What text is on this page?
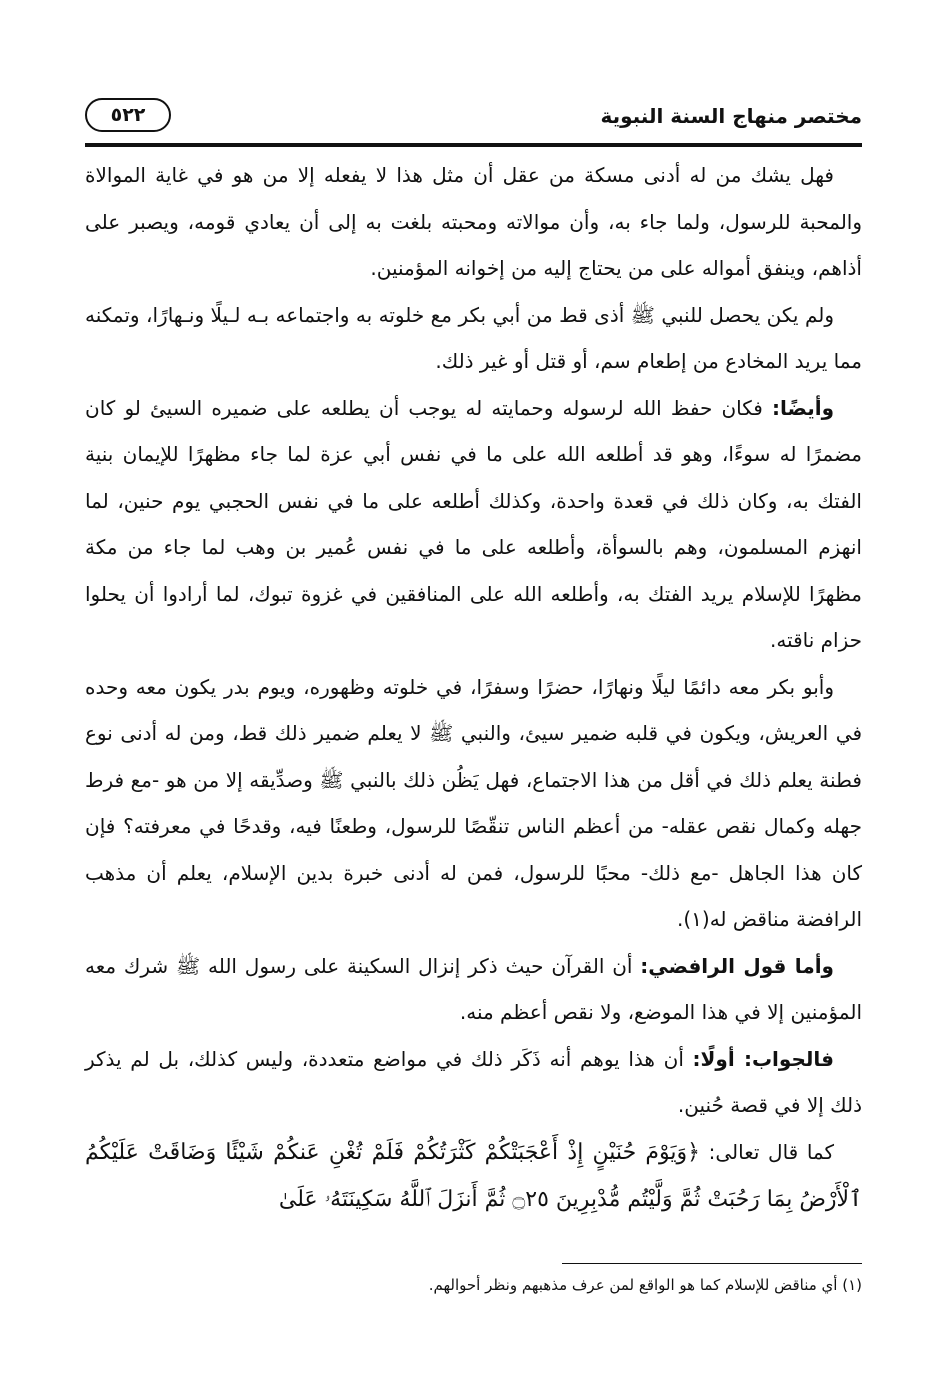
مختصر منهاج السنة النبوية
٥٢٢

فهل يشك من له أدنى مسكة من عقل أن مثل هذا لا يفعله إلا من هو في غاية الموالاة والمحبة للرسول، ولما جاء به، وأن موالاته ومحبته بلغت به إلى أن يعادي قومه، ويصبر على أذاهم، وينفق أمواله على من يحتاج إليه من إخوانه المؤمنين.

ولم يكن يحصل للنبي ﷺ أذى قط من أبي بكر مع خلوته به واجتماعه بـه لـيلًا ونـهارًا، وتمكنه مما يريد المخادع من إطعام سم، أو قتل أو غير ذلك.

وأيضًا: فكان حفظ الله لرسوله وحمايته له يوجب أن يطلعه على ضميره السيئ لو كان مضمرًا له سوءًا، وهو قد أطلعه الله على ما في نفس أبي عزة لما جاء مظهرًا للإيمان بنية الفتك به، وكان ذلك في قعدة واحدة، وكذلك أطلعه على ما في نفس الحجبي يوم حنين، لما انهزم المسلمون، وهم بالسوأة، وأطلعه على ما في نفس عُمير بن وهب لما جاء من مكة مظهرًا للإسلام يريد الفتك به، وأطلعه الله على المنافقين في غزوة تبوك، لما أرادوا أن يحلوا حزام ناقته.

وأبو بكر معه دائمًا ليلًا ونهارًا، حضرًا وسفرًا، في خلوته وظهوره، ويوم بدر يكون معه وحده في العريش، ويكون في قلبه ضمير سيئ، والنبي ﷺ لا يعلم ضمير ذلك قط، ومن له أدنى نوع فطنة يعلم ذلك في أقل من هذا الاجتماع، فهل يَظُن ذلك بالنبي ﷺ وصدِّيقه إلا من هو -مع فرط جهله وكمال نقص عقله- من أعظم الناس تنقّصًا للرسول، وطعنًا فيه، وقدحًا في معرفته؟ فإن كان هذا الجاهل -مع ذلك- محبًا للرسول، فمن له أدنى خبرة بدين الإسلام، يعلم أن مذهب الرافضة مناقض له(١).

وأما قول الرافضي: أن القرآن حيث ذكر إنزال السكينة على رسول الله ﷺ شرك معه المؤمنين إلا في هذا الموضع، ولا نقص أعظم منه.

فالجواب: أولًا: أن هذا يوهم أنه ذَكَر ذلك في مواضع متعددة، وليس كذلك، بل لم يذكر ذلك إلا في قصة حُنين.

كما قال تعالى: ﴿وَيَوْمَ حُنَيْنٍ إِذْ أَعْجَبَتْكُمْ كَثْرَتُكُمْ فَلَمْ تُغْنِ عَنكُمْ شَيْئًا وَضَاقَتْ عَلَيْكُمُ ٱلْأَرْضُ بِمَا رَحُبَتْ ثُمَّ وَلَّيْتُم مُّدْبِرِينَ ۝٢٥ ثُمَّ أَنزَلَ ٱللَّهُ سَكِينَتَهُۥ عَلَىٰ

(١) أي مناقض للإسلام كما هو الواقع لمن عرف مذهبهم ونظر أحوالهم.
